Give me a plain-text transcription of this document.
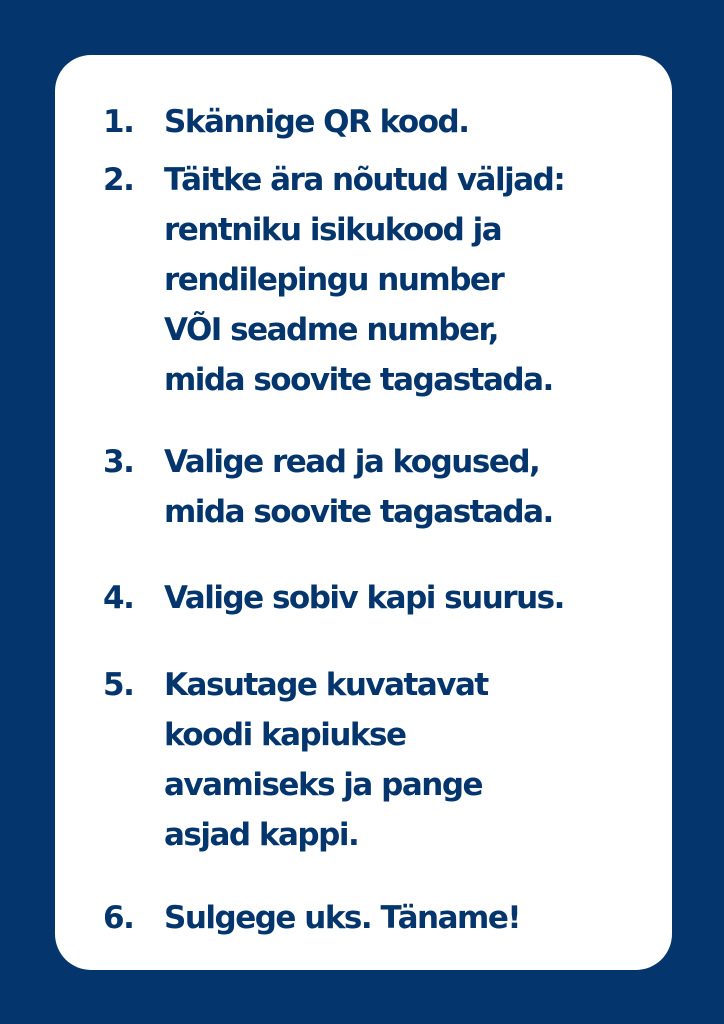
1. Skännige QR kood.
2. Täitke ära nõutud väljad:
rentniku isikukood ja
rendilepingu number
VÕI seadme number,
mida soovite tagastada.
3. Valige read ja kogused,
mida soovite tagastada.
4. Valige sobiv kapi suurus.
5. Kasutage kuvatavat
koodi kapiukse
avamiseks ja pange
asjad kappi.
6. Sulgege uks. Täname!
